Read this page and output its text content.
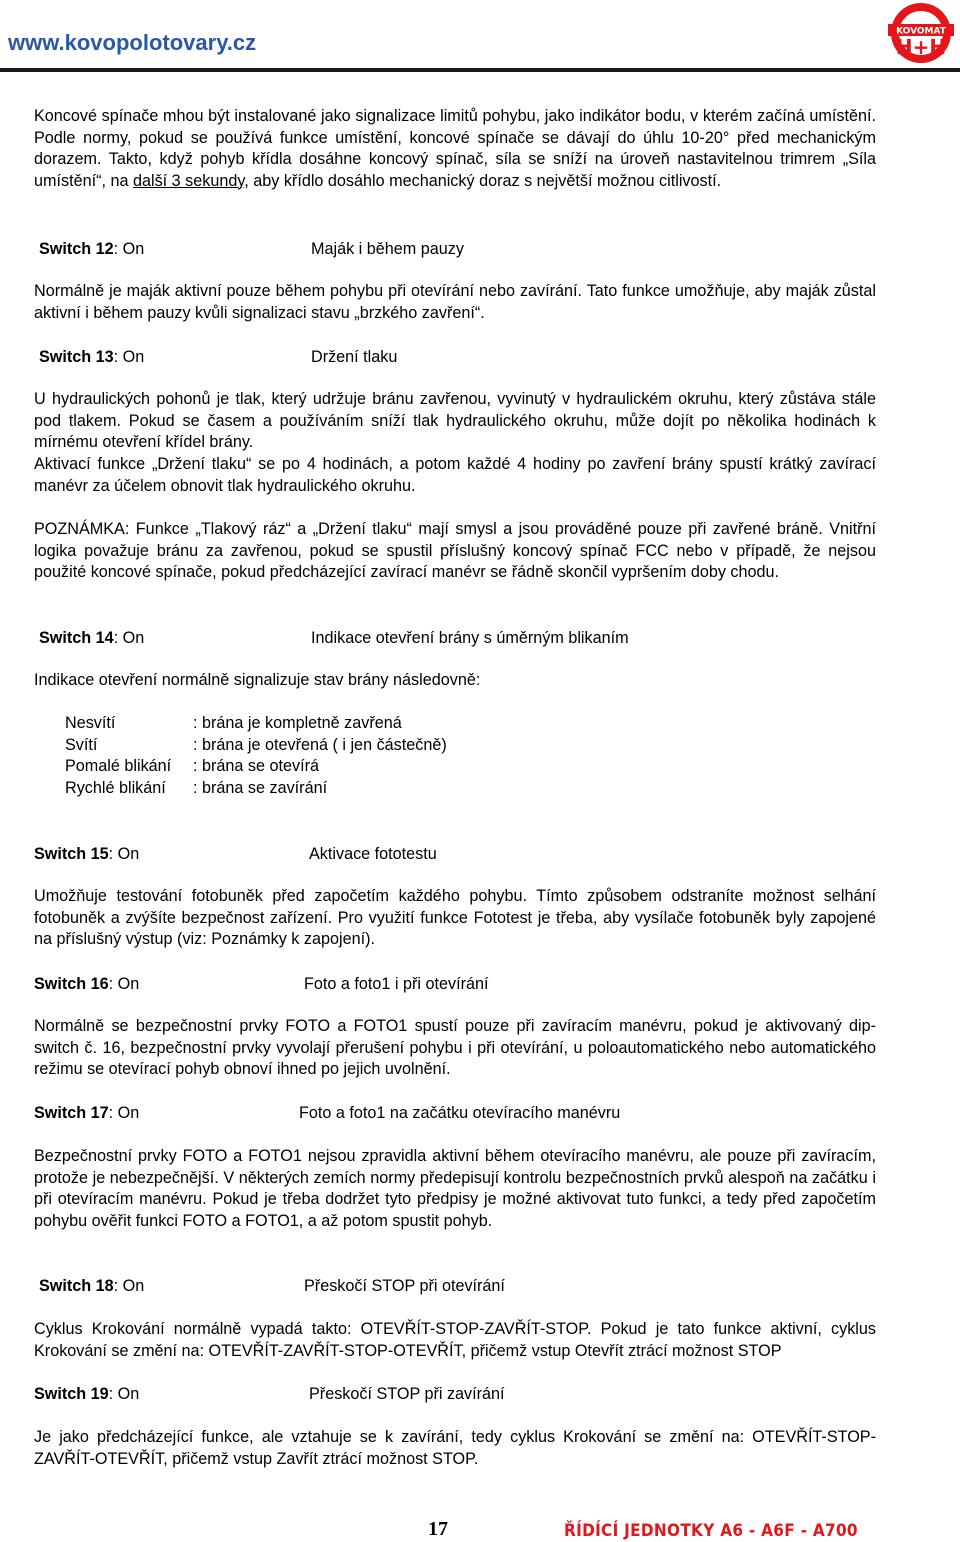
www.kovopolotovary.cz	KOVOMAT
H+H

Koncové spínače mhou být instalované jako signalizace limitů pohybu, jako indikátor bodu, v kterém začíná umístění. Podle normy, pokud se používá funkce umístění, koncové spínače se dávají do úhlu 10-20° před mechanickým dorazem. Takto, když pohyb křídla dosáhne koncový spínač, síla se sníží na úroveň nastavitelnou trimrem „Síla umístění“, na další 3 sekundy, aby křídlo dosáhlo mechanický doraz s největší možnou citlivostí.

Switch 12: On	Maják i během pauzy

Normálně je maják aktivní pouze během pohybu při otevírání nebo zavírání. Tato funkce umožňuje, aby maják zůstal aktivní i během pauzy kvůli signalizaci stavu „brzkého zavření“.

Switch 13: On	Držení tlaku

U hydraulických pohonů je tlak, který udržuje bránu zavřenou, vyvinutý v hydraulickém okruhu, který zůstáva stále pod tlakem. Pokud se časem a používáním sníží tlak hydraulického okruhu, může dojít po několika hodinách k mírnému otevření křídel brány.

Aktivací funkce „Držení tlaku“ se po 4 hodinách, a potom každé 4 hodiny po zavření brány spustí krátký zavírací manévr za účelem obnovit tlak hydraulického okruhu.

POZNÁMKA: Funkce „Tlakový ráz“ a „Držení tlaku“ mají smysl a jsou prováděné pouze při zavřené bráně. Vnitřní logika považuje bránu za zavřenou, pokud se spustil příslušný koncový spínač FCC nebo v případě, že nejsou použité koncové spínače, pokud předcházející zavírací manévr se řádně skončil vypršením doby chodu.

Switch 14: On	Indikace otevření brány s úměrným blikaním

Indikace otevření normálně signalizuje stav brány následovně:

Nesvítí	: brána je kompletně zavřená
Svítí	: brána je otevřená ( i jen částečně)
Pomalé blikání : brána se otevírá
Rychlé blikání : brána se zavírání
Switch 15: On	Aktivace fototestu

Umožňuje testování fotobuněk před započetím každého pohybu. Tímto způsobem odstraníte možnost selhání fotobuněk a zvýšíte bezpečnost zařízení. Pro využití funkce Fototest je třeba, aby vysílače fotobuněk byly zapojené na příslušný výstup (viz: Poznámky k zapojení).

Switch 16: On	Foto a foto1 i při otevírání

Normálně se bezpečnostní prvky FOTO a FOTO1 spustí pouze při zavíracím manévru, pokud je aktivovaný dip-switch č. 16, bezpečnostní prvky vyvolají přerušení pohybu i při otevírání, u poloautomatického nebo automatického režimu se otevírací pohyb obnoví ihned po jejich uvolnění.

Switch 17: On	Foto a foto1 na začátku otevíracího manévru

Bezpečnostní prvky FOTO a FOTO1 nejsou zpravidla aktivní během otevíracího manévru, ale pouze při zavíracím, protože je nebezpečnější. V některých zemích normy předepisují kontrolu bezpečnostních prvků alespoň na začátku i při otevíracím manévru. Pokud je třeba dodržet tyto předpisy je možné aktivovat tuto funkci, a tedy před započetím pohybu ověřit funkci FOTO a FOTO1, a až potom spustit pohyb.

Switch 18: On	Přeskočí STOP při otevírání

Cyklus Krokování normálně vypadá takto: OTEVŘÍT-STOP-ZAVŘÍT-STOP. Pokud je tato funkce aktivní, cyklus Krokování se změní na: OTEVŘÍT-ZAVŘÍT-STOP-OTEVŘÍT, přičemž vstup Otevřít ztrácí možnost STOP

Switch 19: On	Přeskočí STOP při zavírání

Je jako předcházející funkce, ale vztahuje se k zavírání, tedy cyklus Krokování se změní na: OTEVŘÍT-STOP-ZAVŘÍT-OTEVŘÍT, přičemž vstup Zavřít ztrácí možnost STOP.

17	ŘÍDÍCÍ JEDNOTKY A6 - A6F - A700
